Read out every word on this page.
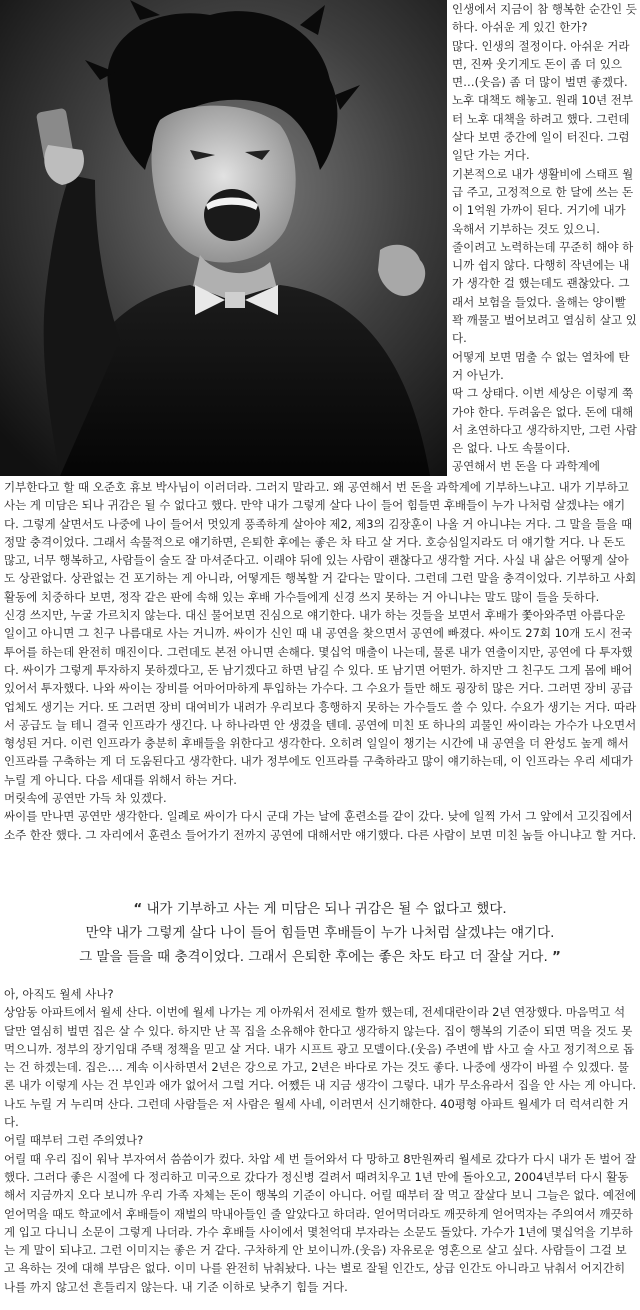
인생에서 지금이 참 행복한 순간인 듯하다. 아쉬운 게 있긴 한가?

많다. 인생의 절정이다. 아쉬운 거라면, 진짜 웃기게도 돈이 좀 더 있으면…(웃음) 좀 더 많이 벌면 좋겠다. 노후 대책도 해놓고. 원래 10년 전부터 노후 대책을 하려고 했다. 그런데 살다 보면 중간에 일이 터진다. 그럼 일단 가는 거다.

기본적으로 내가 생활비에 스태프 월급 주고, 고정적으로 한 달에 쓰는 돈이 1억원 가까이 된다. 거기에 내가 욱해서 기부하는 것도 있으니.

줄이려고 노력하는데 꾸준히 해야 하니까 쉽지 않다. 다행히 작년에는 내가 생각한 걸 했는데도 괜찮았다. 그래서 보험을 들었다. 올해는 양이빨 꽉 깨물고 벌어보려고 열심히 살고 있다.

어떻게 보면 멈출 수 없는 열차에 탄 거 아닌가.

딱 그 상태다. 이번 세상은 이렇게 쭉 가야 한다. 두려움은 없다. 돈에 대해서 초연하다고 생각하지만, 그런 사람은 없다. 나도 속물이다.

공연해서 번 돈을 다 과학계에

기부한다고 할 때 오준호 휴보 박사님이 이러더라. 그러지 말라고. 왜 공연해서 번 돈을 과학계에 기부하느냐고. 내가 기부하고 사는 게 미담은 되나 귀감은 될 수 없다고 했다. 만약 내가 그렇게 살다 나이 들어 힘들면 후배들이 누가 나처럼 살겠냐는 얘기다. 그렇게 살면서도 나중에 나이 들어서 멋있게 풍족하게 살아야 제2, 제3의 김장훈이 나올 거 아니냐는 거다. 그 말을 들을 때 정말 충격이었다. 그래서 속물적으로 얘기하면, 은퇴한 후에는 좋은 차 타고 살 거다. 호승심일지라도 더 얘기할 거다. 나 돈도 많고, 너무 행복하고, 사람들이 술도 잘 마셔준다고. 이래야 뒤에 있는 사람이 괜찮다고 생각할 거다. 사실 내 삶은 어떻게 살아도 상관없다. 상관없는 건 포기하는 게 아니라, 어떻게든 행복할 거 같다는 말이다. 그런데 그런 말을 충격이었다. 기부하고 사회 활동에 치중하다 보면, 정작 같은 판에 속해 있는 후배 가수들에게 신경 쓰지 못하는 거 아니냐는 말도 많이 들을 듯하다.

신경 쓰지만, 누굴 가르치지 않는다. 대신 물어보면 진심으로 얘기한다. 내가 하는 것들을 보면서 후배가 쫓아와주면 아름다운 일이고 아니면 그 친구 나름대로 사는 거니까. 싸이가 신인 때 내 공연을 찾으면서 공연에 빠졌다. 싸이도 27회 10개 도시 전국 투어를 하는데 완전히 매진이다. 그런데도 본전 아니면 손해다. 몇십억 매출이 나는데, 물론 내가 연출이지만, 공연에 다 투자했다. 싸이가 그렇게 투자하지 못하겠다고, 돈 남기겠다고 하면 남길 수 있다. 또 남기면 어떤가. 하지만 그 친구도 그게 몸에 배어 있어서 투자했다. 나와 싸이는 장비를 어마어마하게 투입하는 가수다. 그 수요가 들만 해도 굉장히 많은 거다. 그러면 장비 공급업체도 생기는 거다. 또 그러면 장비 대여비가 내려가 우리보다 흥행하지 못하는 가수들도 쓸 수 있다. 수요가 생기는 거다. 따라서 공급도 늘 테니 결국 인프라가 생긴다. 나 하나라면 안 생겼을 텐데. 공연에 미친 또 하나의 괴물인 싸이라는 가수가 나오면서 형성된 거다. 이런 인프라가 충분히 후배들을 위한다고 생각한다. 오히려 일일이 챙기는 시간에 내 공연을 더 완성도 높게 해서 인프라를 구축하는 게 더 도움된다고 생각한다. 내가 정부에도 인프라를 구축하라고 많이 얘기하는데, 이 인프라는 우리 세대가 누릴 게 아니다. 다음 세대를 위해서 하는 거다.

머릿속에 공연만 가득 차 있겠다.

싸이를 만나면 공연만 생각한다. 일례로 싸이가 다시 군대 가는 날에 훈련소를 같이 갔다. 낮에 일찍 가서 그 앞에서 고깃집에서 소주 한잔 했다. 그 자리에서 훈련소 들어가기 전까지 공연에 대해서만 얘기했다. 다른 사람이 보면 미친 놈들 아니냐고 할 거다.

“ 내가 기부하고 사는 게 미담은 되나 귀감은 될 수 없다고 했다.
만약 내가 그렇게 살다 나이 들어 힘들면 후배들이 누가 나처럼 살겠냐는 얘기다.
그 말을 들을 때 충격이었다. 그래서 은퇴한 후에는 좋은 차도 타고 더 잘살 거다. ”

아, 아직도 월세 사나?

상암동 아파트에서 월세 산다. 이번에 월세 나가는 게 아까워서 전세로 할까 했는데, 전세대란이라 2년 연장했다. 마음먹고 석 달만 열심히 벌면 집은 살 수 있다. 하지만 난 꼭 집을 소유해야 한다고 생각하지 않는다. 집이 행복의 기준이 되면 먹을 것도 못 먹으니까. 정부의 장기임대 주택 정책을 믿고 살 거다. 내가 시프트 광고 모델이다.(웃음) 주변에 밥 사고 술 사고 정기적으로 돕는 건 하겠는데. 집은…. 계속 이사하면서 2년은 강으로 가고, 2년은 바다로 가는 것도 좋다. 나중에 생각이 바뀔 수 있겠다. 물론 내가 이렇게 사는 건 부인과 애가 없어서 그럴 거다. 어쨌든 내 지금 생각이 그렇다. 내가 무소유라서 집을 안 사는 게 아니다. 나도 누릴 거 누리며 산다. 그런데 사람들은 저 사람은 월세 사네, 이러면서 신기해한다. 40평형 아파트 월세가 더 럭셔리한 거다.

어릴 때부터 그런 주의였나?

어릴 때 우리 집이 워낙 부자여서 씀씀이가 컸다. 차압 세 번 들어와서 다 망하고 8만원짜리 월세로 갔다가 다시 내가 돈 벌어 잘했다. 그러다 좋은 시절에 다 정리하고 미국으로 갔다가 정신병 걸려서 때려치우고 1년 만에 돌아오고, 2004년부터 다시 활동해서 지금까지 오다 보니까 우리 가족 자체는 돈이 행복의 기준이 아니다. 어릴 때부터 잘 먹고 잘살다 보니 그늘은 없다. 예전에 얻어먹을 때도 학교에서 후배들이 재벌의 막내아들인 줄 알았다고 하더라. 얻어먹더라도 깨끗하게 얻어먹자는 주의여서 깨끗하게 입고 다니니 소문이 그렇게 나더라. 가수 후배들 사이에서 몇천억대 부자라는 소문도 돌았다. 가수가 1년에 몇십억을 기부하는 게 말이 되냐고. 그런 이미지는 좋은 거 같다. 구차하게 안 보이니까.(웃음) 자유로운 영혼으로 살고 싶다. 사람들이 그걸 보고 욕하는 것에 대해 부담은 없다. 이미 나를 완전히 낚춰놨다. 나는 별로 잘될 인간도, 상급 인간도 아니라고 낚춰서 어지간히 나를 까지 않고선 흔들리지 않는다. 내 기준 이하로 낮추기 힘들 거다.
